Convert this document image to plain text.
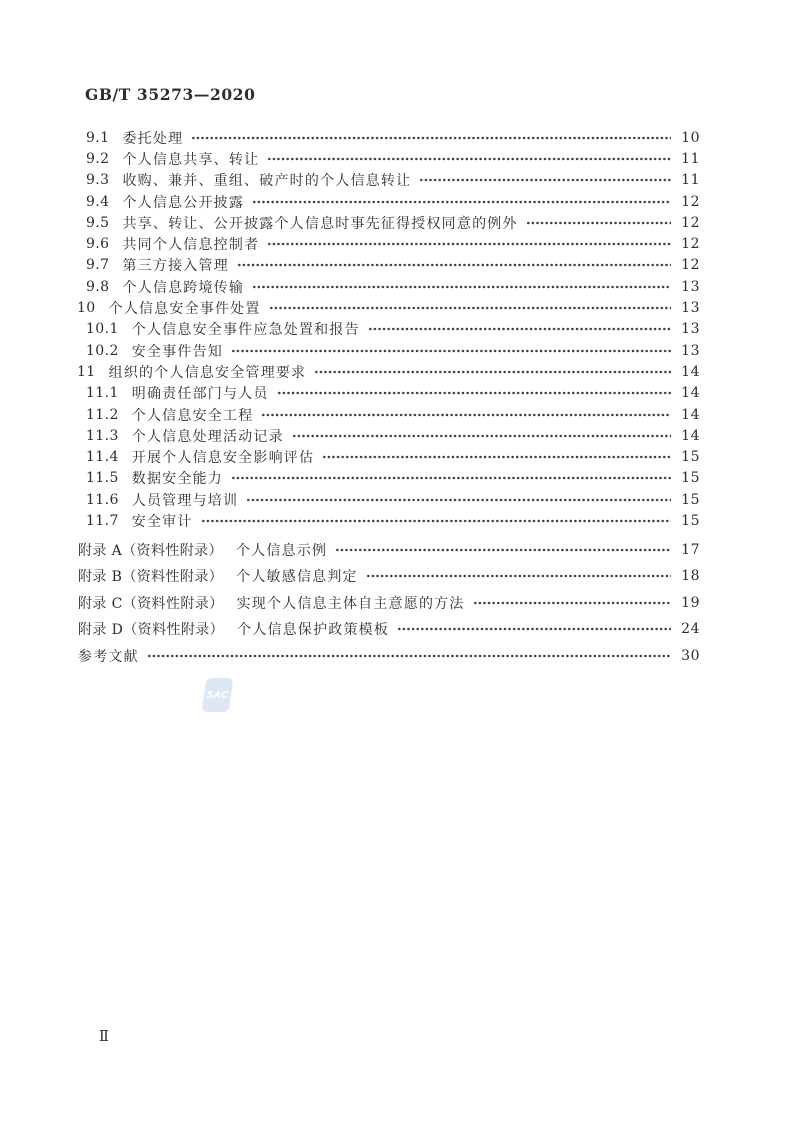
GB/T 35273—2020
9.1 委托处理	10
9.2 个人信息共享、转让	11
9.3 收购、兼并、重组、破产时的个人信息转让	11
9.4 个人信息公开披露	12
9.5 共享、转让、公开披露个人信息时事先征得授权同意的例外	12
9.6 共同个人信息控制者	12
9.7 第三方接入管理	12
9.8 个人信息跨境传输	13
10 个人信息安全事件处置	13
10.1 个人信息安全事件应急处置和报告	13
10.2 安全事件告知	13
11 组织的个人信息安全管理要求	14
11.1 明确责任部门与人员	14
11.2 个人信息安全工程	14
11.3 个人信息处理活动记录	14
11.4 开展个人信息安全影响评估	15
11.5 数据安全能力	15
11.6 人员管理与培训	15
11.7 安全审计	15
附录 A（资料性附录） 个人信息示例	17
附录 B（资料性附录） 个人敏感信息判定	18
附录 C（资料性附录） 实现个人信息主体自主意愿的方法	19
附录 D（资料性附录） 个人信息保护政策模板	24
参考文献	30
SAC
Ⅱ
